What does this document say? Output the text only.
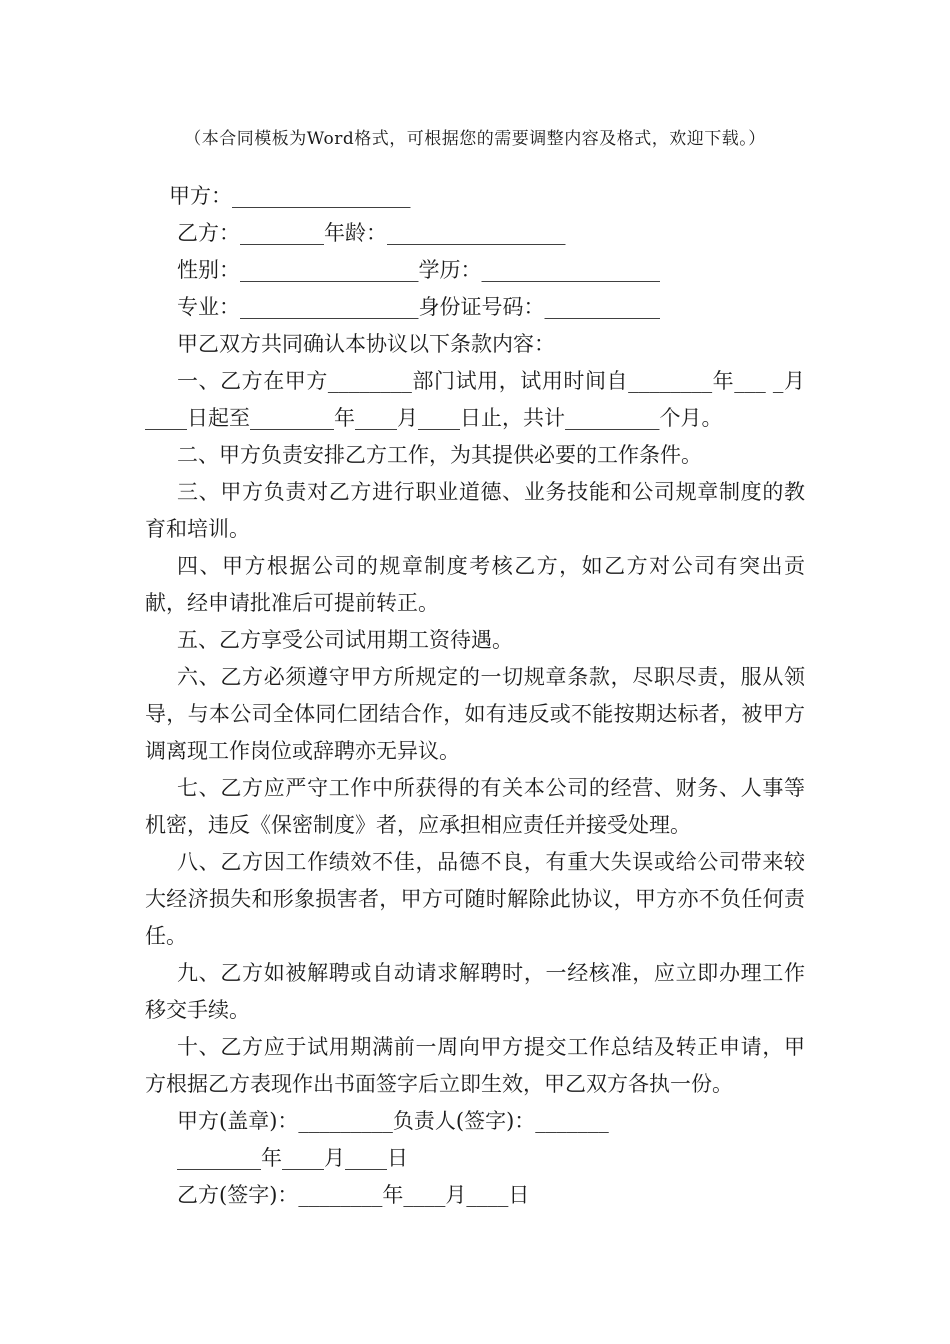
（本合同模板为Word格式，可根据您的需要调整内容及格式，欢迎下载。）
甲方：_________________
乙方：________年龄：_________________
性别：_________________学历：_________________
专业：_________________身份证号码：___________
甲乙双方共同确认本协议以下条款内容：

一、乙方在甲方________部门试用，试用时间自________年___ _月____日起至________年____月____日止，共计_________个月。

二、甲方负责安排乙方工作，为其提供必要的工作条件。

三、甲方负责对乙方进行职业道德、业务技能和公司规章制度的教育和培训。

四、甲方根据公司的规章制度考核乙方，如乙方对公司有突出贡献，经申请批准后可提前转正。

五、乙方享受公司试用期工资待遇。

六、乙方必须遵守甲方所规定的一切规章条款，尽职尽责，服从领导，与本公司全体同仁团结合作，如有违反或不能按期达标者，被甲方调离现工作岗位或辞聘亦无异议。

七、乙方应严守工作中所获得的有关本公司的经营、财务、人事等机密，违反《保密制度》者，应承担相应责任并接受处理。

八、乙方因工作绩效不佳，品德不良，有重大失误或给公司带来较大经济损失和形象损害者，甲方可随时解除此协议，甲方亦不负任何责任。

九、乙方如被解聘或自动请求解聘时，一经核准，应立即办理工作移交手续。

十、乙方应于试用期满前一周向甲方提交工作总结及转正申请，甲方根据乙方表现作出书面签字后立即生效，甲乙双方各执一份。

甲方(盖章)：_________负责人(签字)：_______
________年____月____日
乙方(签字)：________年____月____日
